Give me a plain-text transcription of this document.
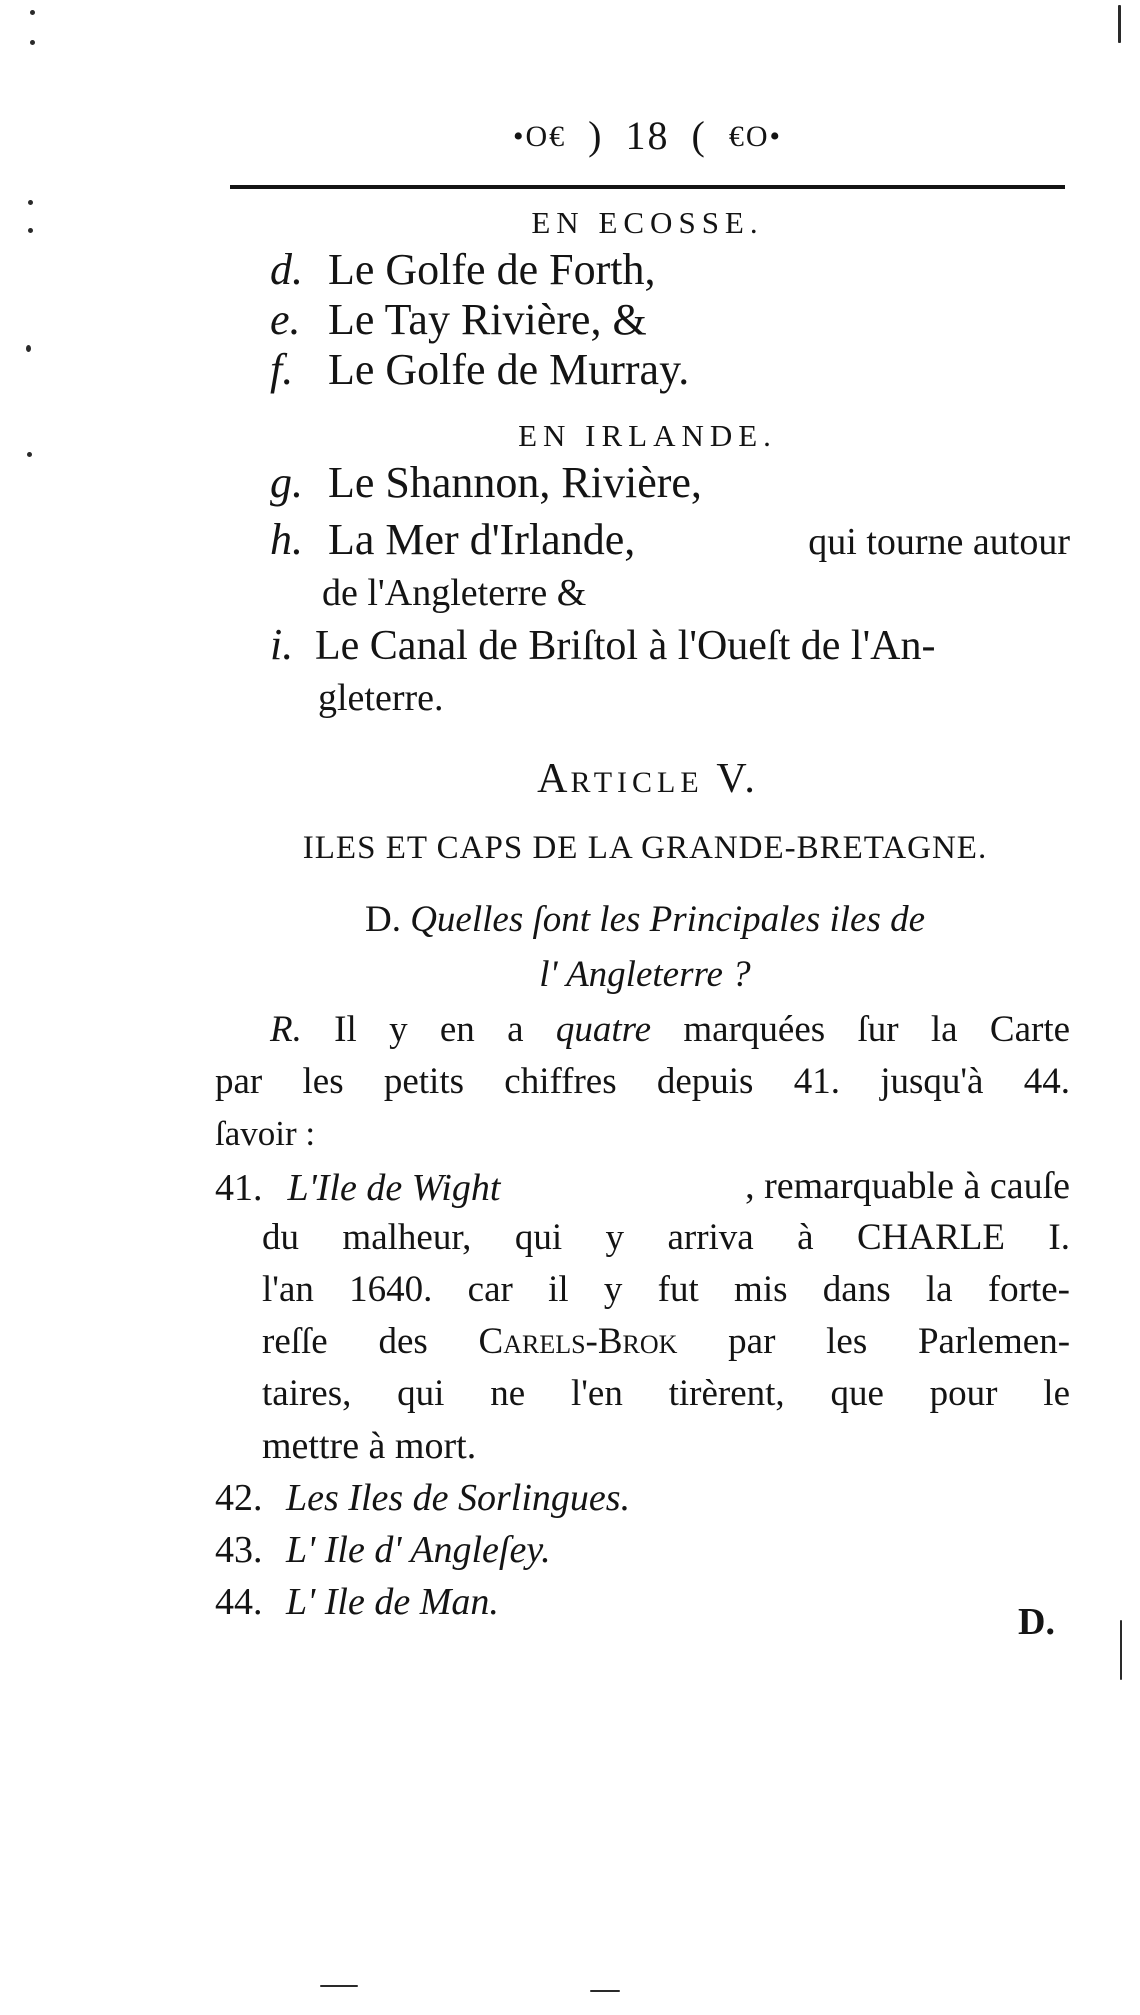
•O€ ) 18 ( €O•
EN ECOSSE.
d. Le Golfe de Forth,
e. Le Tay Rivière, &
f. Le Golfe de Murray.
EN IRLANDE.
g. Le Shannon, Rivière,
h. La Mer d'Irlande,	qui tourne autour
de l'Angleterre &
i. Le Canal de Briſtol à l'Oueſt de l'An-
gleterre.
ARTICLE V.
ILES ET CAPS DE LA GRANDE-BRETAGNE.
D. Quelles ſont les Principales iles de
l' Angleterre ?
R. Il y en a quatre marquées ſur la Carte
par les petits chiffres depuis 41. jusqu'à 44.
ſavoir :
41. L'Ile de Wight	, remarquable à cauſe
du malheur, qui y arriva à CHARLE I.
l'an 1640. car il y fut mis dans la forte-
reſſe des Carels-Brok par les Parlemen-
taires, qui ne l'en tirèrent, que pour le
mettre à mort.
42. Les Iles de Sorlingues.
43. L' Ile d' Angleſey.
44. L' Ile de Man.	D.
